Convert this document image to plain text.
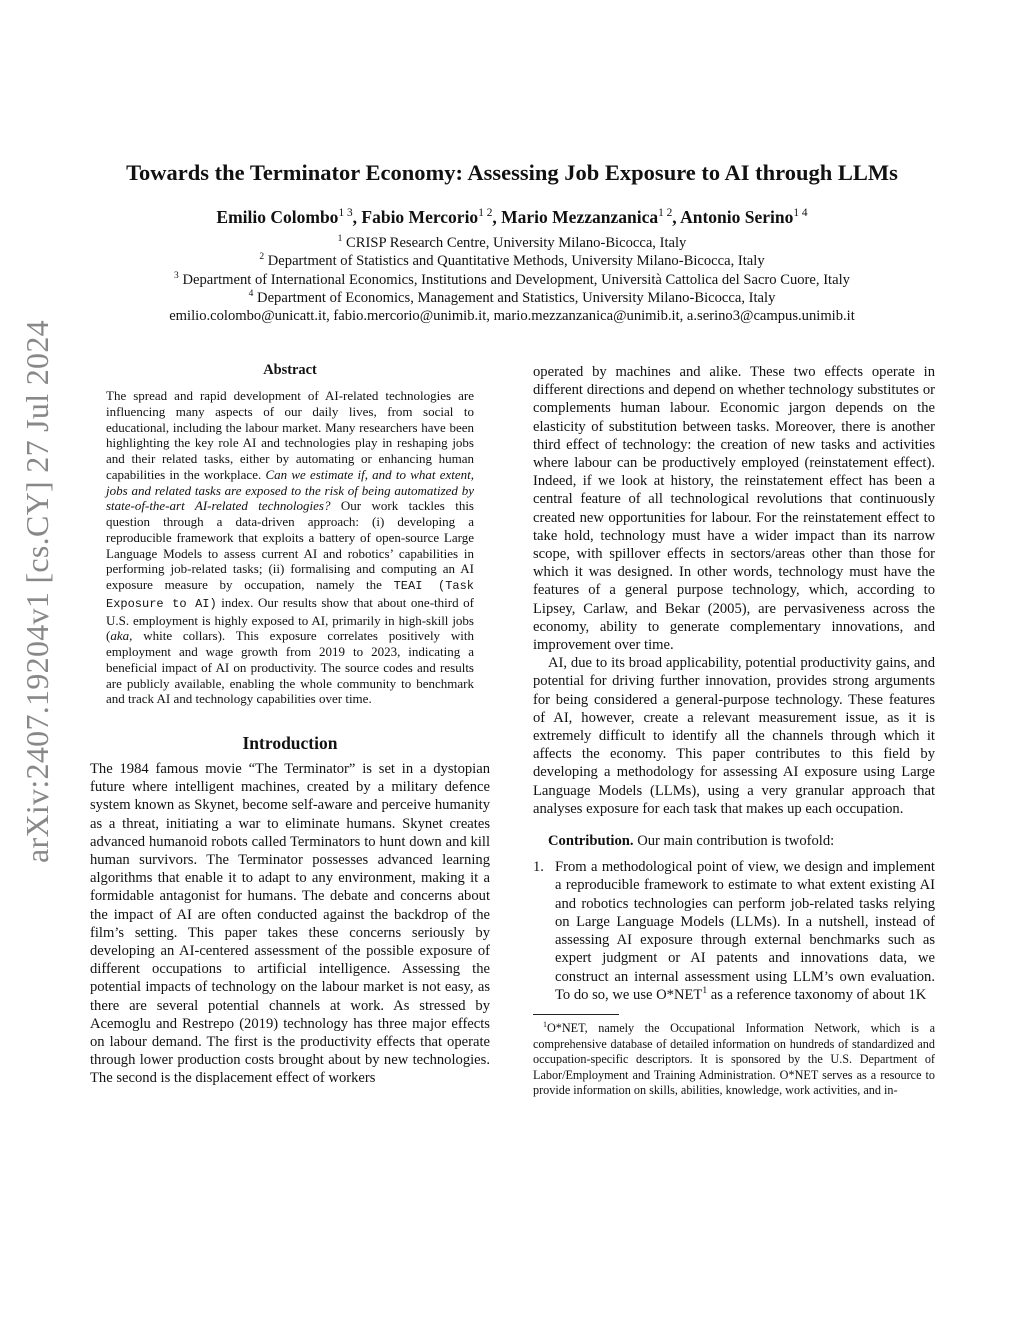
arXiv:2407.19204v1 [cs.CY] 27 Jul 2024
Towards the Terminator Economy: Assessing Job Exposure to AI through LLMs
Emilio Colombo$^{1 3}$, Fabio Mercorio$^{1 2}$, Mario Mezzanzanica$^{1 2}$, Antonio Serino$^{1 4}$
$^1$ CRISP Research Centre, University Milano-Bicocca, Italy
$^2$ Department of Statistics and Quantitative Methods, University Milano-Bicocca, Italy
$^3$ Department of International Economics, Institutions and Development, Università Cattolica del Sacro Cuore, Italy
$^4$ Department of Economics, Management and Statistics, University Milano-Bicocca, Italy
emilio.colombo@unicatt.it, fabio.mercorio@unimib.it, mario.mezzanzanica@unimib.it, a.serino3@campus.unimib.it
Abstract

The spread and rapid development of AI-related technologies are influencing many aspects of our daily lives, from social to educational, including the labour market. Many researchers have been highlighting the key role AI and technologies play in reshaping jobs and their related tasks, either by automating or enhancing human capabilities in the workplace. Can we estimate if, and to what extent, jobs and related tasks are exposed to the risk of being automatized by state-of-the-art AI-related technologies? Our work tackles this question through a data-driven approach: (i) developing a reproducible framework that exploits a battery of open-source Large Language Models to assess current AI and robotics’ capabilities in performing job-related tasks; (ii) formalising and computing an AI exposure measure by occupation, namely the TEAI (Task Exposure to AI) index. Our results show that about one-third of U.S. employment is highly exposed to AI, primarily in high-skill jobs (aka, white collars). This exposure correlates positively with employment and wage growth from 2019 to 2023, indicating a beneficial impact of AI on productivity. The source codes and results are publicly available, enabling the whole community to benchmark and track AI and technology capabilities over time.

Introduction

The 1984 famous movie “The Terminator” is set in a dystopian future where intelligent machines, created by a military defence system known as Skynet, become self-aware and perceive humanity as a threat, initiating a war to eliminate humans. Skynet creates advanced humanoid robots called Terminators to hunt down and kill human survivors. The Terminator possesses advanced learning algorithms that enable it to adapt to any environment, making it a formidable antagonist for humans. The debate and concerns about the impact of AI are often conducted against the backdrop of the film’s setting. This paper takes these concerns seriously by developing an AI-centered assessment of the possible exposure of different occupations to artificial intelligence. Assessing the potential impacts of technology on the labour market is not easy, as there are several potential channels at work. As stressed by Acemoglu and Restrepo (2019) technology has three major effects on labour demand. The first is the productivity effects that operate through lower production costs brought about by new technologies. The second is the displacement effect of workers

operated by machines and alike. These two effects operate in different directions and depend on whether technology substitutes or complements human labour. Economic jargon depends on the elasticity of substitution between tasks. Moreover, there is another third effect of technology: the creation of new tasks and activities where labour can be productively employed (reinstatement effect). Indeed, if we look at history, the reinstatement effect has been a central feature of all technological revolutions that continuously created new opportunities for labour. For the reinstatement effect to take hold, technology must have a wider impact than its narrow scope, with spillover effects in sectors/areas other than those for which it was designed. In other words, technology must have the features of a general purpose technology, which, according to Lipsey, Carlaw, and Bekar (2005), are pervasiveness across the economy, ability to generate complementary innovations, and improvement over time.

AI, due to its broad applicability, potential productivity gains, and potential for driving further innovation, provides strong arguments for being considered a general-purpose technology. These features of AI, however, create a relevant measurement issue, as it is extremely difficult to identify all the channels through which it affects the economy. This paper contributes to this field by developing a methodology for assessing AI exposure using Large Language Models (LLMs), using a very granular approach that analyses exposure for each task that makes up each occupation.

Contribution. Our main contribution is twofold:

1. From a methodological point of view, we design and implement a reproducible framework to estimate to what extent existing AI and robotics technologies can perform job-related tasks relying on Large Language Models (LLMs). In a nutshell, instead of assessing AI exposure through external benchmarks such as expert judgment or AI patents and innovations data, we construct an internal assessment using LLM’s own evaluation. To do so, we use O*NET$^1$ as a reference taxonomy of about 1K

$^1$O*NET, namely the Occupational Information Network, which is a comprehensive database of detailed information on hundreds of standardized and occupation-specific descriptors. It is sponsored by the U.S. Department of Labor/Employment and Training Administration. O*NET serves as a resource to provide information on skills, abilities, knowledge, work activities, and in-
